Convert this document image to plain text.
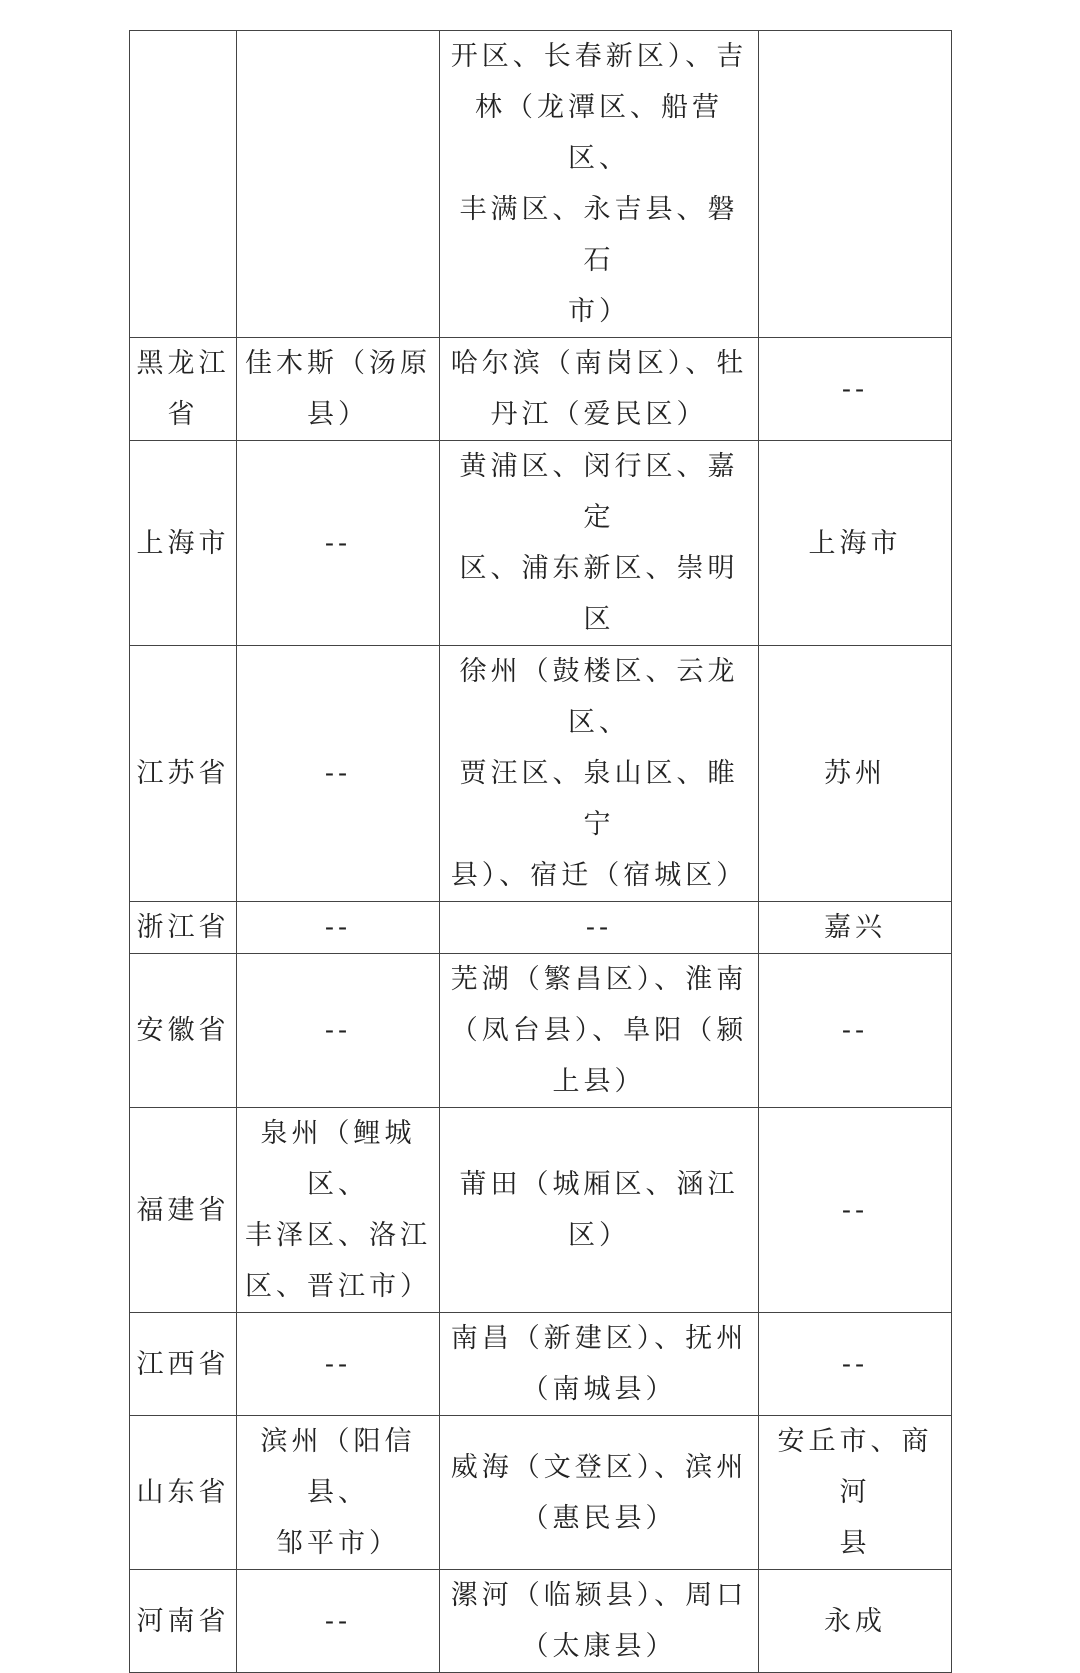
		开区、长春新区）、吉
林（龙潭区、船营区、
丰满区、永吉县、磐石
市）	

黑龙江
省	佳木斯（汤原
县）	哈尔滨（南岗区）、牡
丹江（爱民区）	--

上海市	--	黄浦区、闵行区、嘉定
区、浦东新区、崇明区	上海市

江苏省	--	徐州（鼓楼区、云龙区、
贾汪区、泉山区、睢宁
县）、宿迁（宿城区）	苏州

浙江省	--	--	嘉兴

安徽省	--	芜湖（繁昌区）、淮南
（凤台县）、阜阳（颍
上县）	--

福建省	泉州（鲤城区、
丰泽区、洛江
区、晋江市）	莆田（城厢区、涵江区）	--

江西省	--	南昌（新建区）、抚州
（南城县）	--

山东省	滨州（阳信县、
邹平市）	威海（文登区）、滨州
（惠民县）	安丘市、商河
县

河南省	--	漯河（临颍县）、周口
（太康县）	永成
